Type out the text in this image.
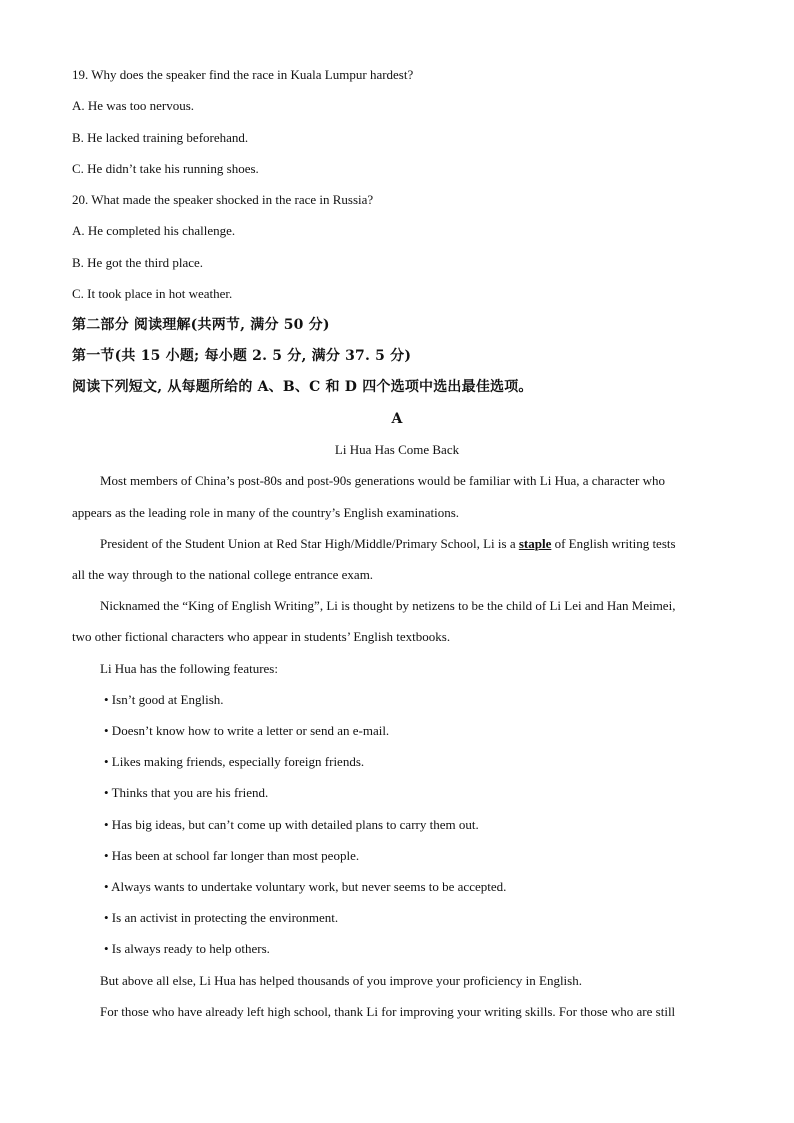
19. Why does the speaker find the race in Kuala Lumpur hardest?
A. He was too nervous.
B. He lacked training beforehand.
C. He didn’t take his running shoes.
20. What made the speaker shocked in the race in Russia?
A. He completed his challenge.
B. He got the third place.
C. It took place in hot weather.
第二部分 阅读理解(共两节, 满分 50 分)
第一节(共 15 小题; 每小题 2. 5 分, 满分 37. 5 分)
阅读下列短文, 从每题所给的 A、B、C 和 D 四个选项中选出最佳选项。
A
Li Hua Has Come Back
Most members of China’s post-80s and post-90s generations would be familiar with Li Hua, a character who
appears as the leading role in many of the country’s English examinations.
President of the Student Union at Red Star High/Middle/Primary School, Li is a staple of English writing tests
all the way through to the national college entrance exam.
Nicknamed the “King of English Writing”, Li is thought by netizens to be the child of Li Lei and Han Meimei,
two other fictional characters who appear in students’ English textbooks.
Li Hua has the following features:
• Isn’t good at English.
• Doesn’t know how to write a letter or send an e-mail.
• Likes making friends, especially foreign friends.
• Thinks that you are his friend.
• Has big ideas, but can’t come up with detailed plans to carry them out.
• Has been at school far longer than most people.
• Always wants to undertake voluntary work, but never seems to be accepted.
• Is an activist in protecting the environment.
• Is always ready to help others.
But above all else, Li Hua has helped thousands of you improve your proficiency in English.
For those who have already left high school, thank Li for improving your writing skills. For those who are still
